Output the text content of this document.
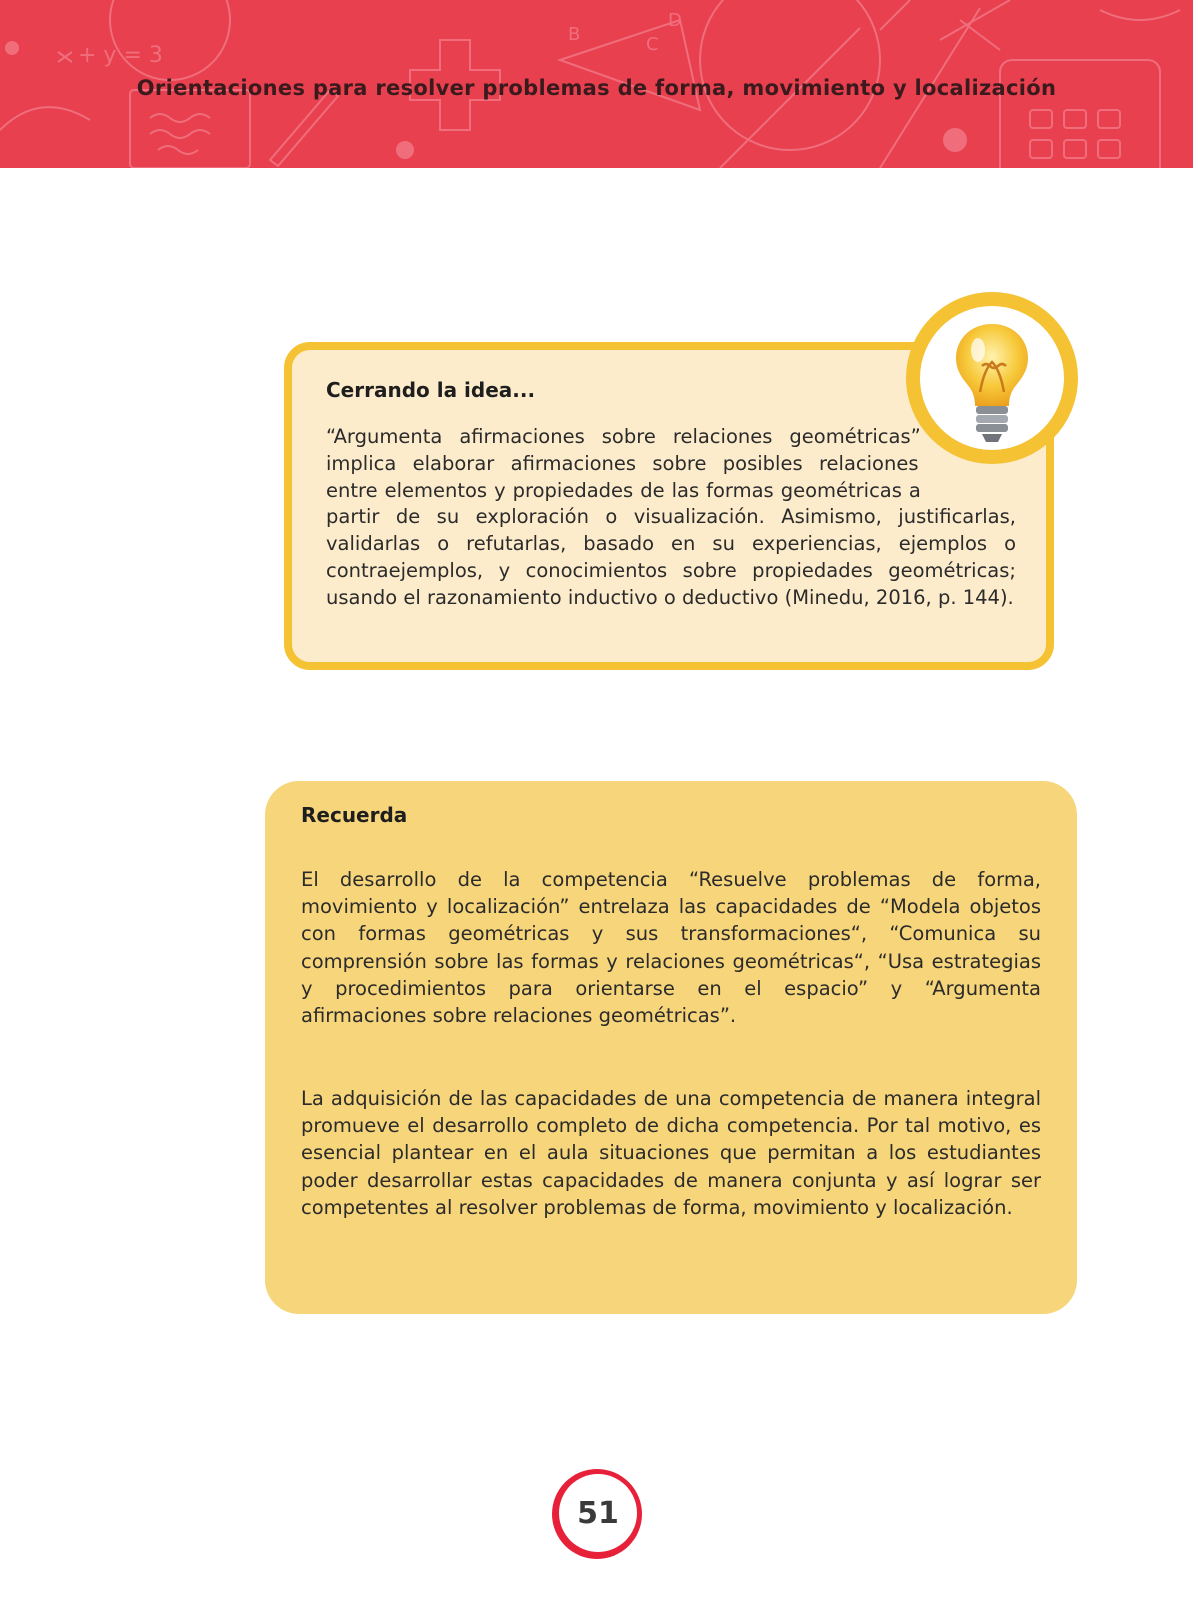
+ y = 3
B
D
C
Orientaciones para resolver problemas de forma, movimiento y localización
Cerrando la idea...

“Argumenta afirmaciones sobre relaciones geométricas” implica elaborar afirmaciones sobre posibles relaciones entre elementos y propiedades de las formas geométricas a partir de su exploración o visualización. Asimismo, justificarlas, validarlas o refutarlas, basado en su experiencias, ejemplos o contraejemplos, y conocimientos sobre propiedades geométricas; usando el razonamiento inductivo o deductivo (Minedu, 2016, p. 144).

Recuerda

El desarrollo de la competencia “Resuelve problemas de forma, movimiento y localización” entrelaza las capacidades de “Modela objetos con formas geométricas y sus transformaciones“, “Comunica su comprensión sobre las formas y relaciones geométricas“, “Usa estrategias y procedimientos para orientarse en el espacio” y “Argumenta afirmaciones sobre relaciones geométricas”.

La adquisición de las capacidades de una competencia de manera integral promueve el desarrollo completo de dicha competencia. Por tal motivo, es esencial plantear en el aula situaciones que permitan a los estudiantes poder desarrollar estas capacidades de manera conjunta y así lograr ser competentes al resolver problemas de forma, movimiento y localización.

51
